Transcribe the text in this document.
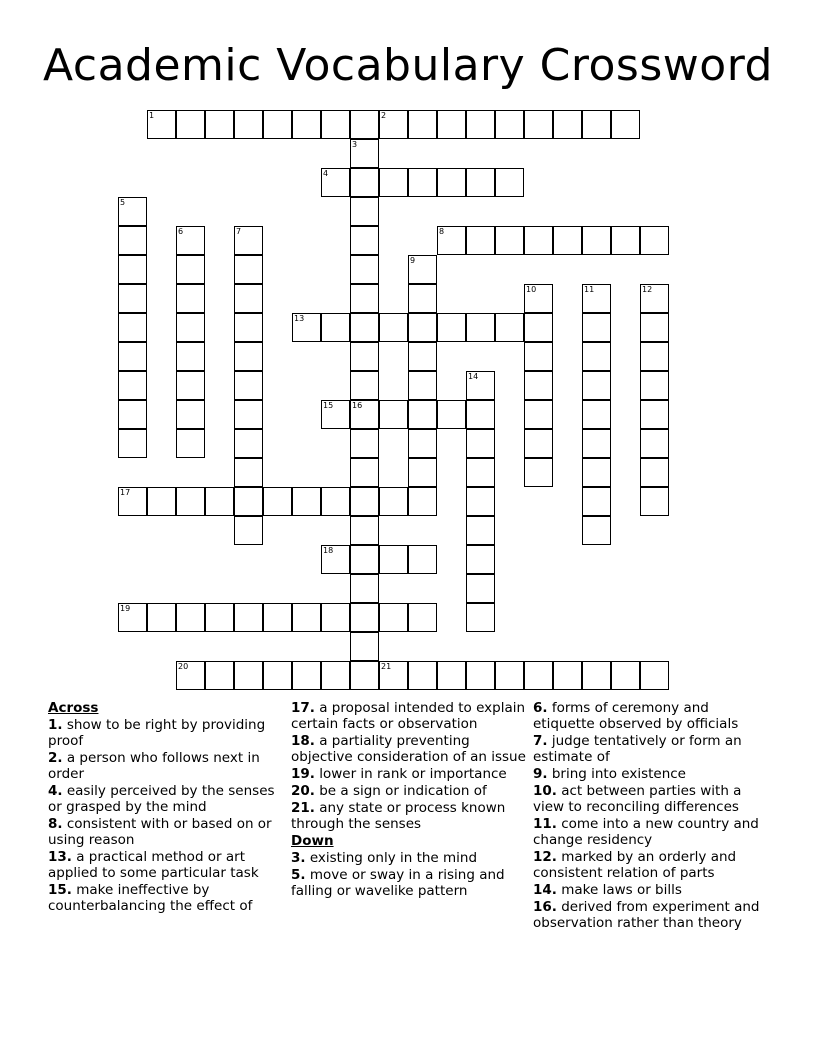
Academic Vocabulary Crossword
1	2
3
16
4
5
6	7	8
9
10	11	12
13
14
15
17
18
19
20	21
Across
1. show to be right by providing proof
2. a person who follows next in order
4. easily perceived by the senses or grasped by the mind
8. consistent with or based on or using reason
13. a practical method or art applied to some particular task
15. make ineffective by counterbalancing the effect of
17. a proposal intended to explain certain facts or observation
18. a partiality preventing objective consideration of an issue
19. lower in rank or importance
20. be a sign or indication of
21. any state or process known through the senses
Down
3. existing only in the mind
5. move or sway in a rising and falling or wavelike pattern
6. forms of ceremony and etiquette observed by officials
7. judge tentatively or form an estimate of
9. bring into existence
10. act between parties with a view to reconciling differences
11. come into a new country and change residency
12. marked by an orderly and consistent relation of parts
14. make laws or bills
16. derived from experiment and observation rather than theory
